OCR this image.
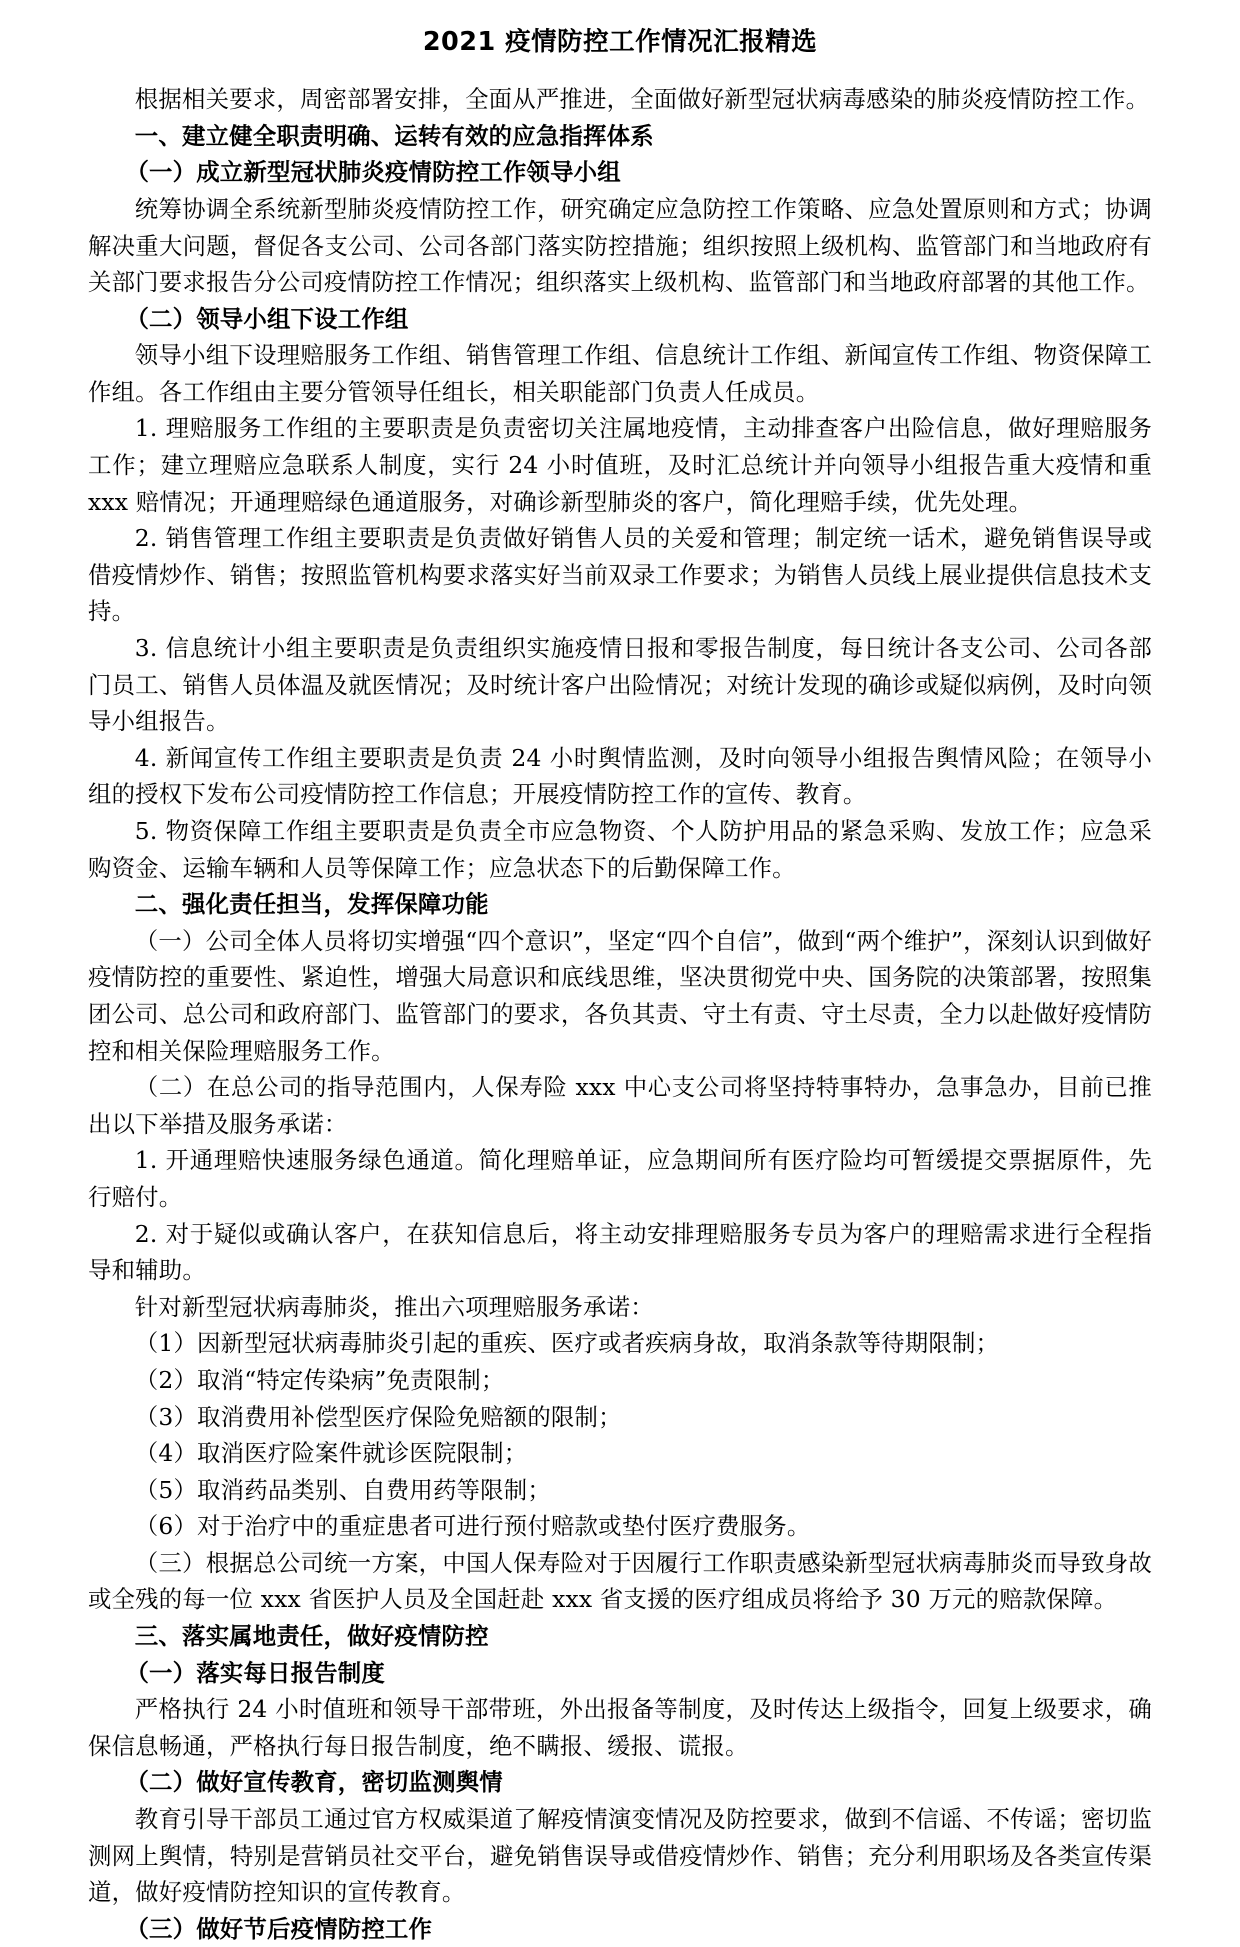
2021 疫情防控工作情况汇报精选

根据相关要求，周密部署安排，全面从严推进，全面做好新型冠状病毒感染的肺炎疫情防控工作。

一、建立健全职责明确、运转有效的应急指挥体系

（一）成立新型冠状肺炎疫情防控工作领导小组

统筹协调全系统新型肺炎疫情防控工作，研究确定应急防控工作策略、应急处置原则和方式；协调解决重大问题，督促各支公司、公司各部门落实防控措施；组织按照上级机构、监管部门和当地政府有关部门要求报告分公司疫情防控工作情况；组织落实上级机构、监管部门和当地政府部署的其他工作。

（二）领导小组下设工作组

领导小组下设理赔服务工作组、销售管理工作组、信息统计工作组、新闻宣传工作组、物资保障工作组。各工作组由主要分管领导任组长，相关职能部门负责人任成员。

1. 理赔服务工作组的主要职责是负责密切关注属地疫情，主动排查客户出险信息，做好理赔服务工作；建立理赔应急联系人制度，实行 24 小时值班，及时汇总统计并向领导小组报告重大疫情和重 xxx 赔情况；开通理赔绿色通道服务，对确诊新型肺炎的客户，简化理赔手续，优先处理。

2. 销售管理工作组主要职责是负责做好销售人员的关爱和管理；制定统一话术，避免销售误导或借疫情炒作、销售；按照监管机构要求落实好当前双录工作要求；为销售人员线上展业提供信息技术支持。

3. 信息统计小组主要职责是负责组织实施疫情日报和零报告制度，每日统计各支公司、公司各部门员工、销售人员体温及就医情况；及时统计客户出险情况；对统计发现的确诊或疑似病例，及时向领导小组报告。

4. 新闻宣传工作组主要职责是负责 24 小时舆情监测，及时向领导小组报告舆情风险；在领导小组的授权下发布公司疫情防控工作信息；开展疫情防控工作的宣传、教育。

5. 物资保障工作组主要职责是负责全市应急物资、个人防护用品的紧急采购、发放工作；应急采购资金、运输车辆和人员等保障工作；应急状态下的后勤保障工作。

二、强化责任担当，发挥保障功能

（一）公司全体人员将切实增强“四个意识”，坚定“四个自信”，做到“两个维护”，深刻认识到做好疫情防控的重要性、紧迫性，增强大局意识和底线思维，坚决贯彻党中央、国务院的决策部署，按照集团公司、总公司和政府部门、监管部门的要求，各负其责、守土有责、守土尽责，全力以赴做好疫情防控和相关保险理赔服务工作。

（二）在总公司的指导范围内，人保寿险 xxx 中心支公司将坚持特事特办，急事急办，目前已推出以下举措及服务承诺：

1. 开通理赔快速服务绿色通道。简化理赔单证，应急期间所有医疗险均可暂缓提交票据原件，先行赔付。

2. 对于疑似或确认客户，在获知信息后，将主动安排理赔服务专员为客户的理赔需求进行全程指导和辅助。

针对新型冠状病毒肺炎，推出六项理赔服务承诺：

（1）因新型冠状病毒肺炎引起的重疾、医疗或者疾病身故，取消条款等待期限制；

（2）取消“特定传染病”免责限制；

（3）取消费用补偿型医疗保险免赔额的限制；

（4）取消医疗险案件就诊医院限制；

（5）取消药品类别、自费用药等限制；

（6）对于治疗中的重症患者可进行预付赔款或垫付医疗费服务。

（三）根据总公司统一方案，中国人保寿险对于因履行工作职责感染新型冠状病毒肺炎而导致身故或全残的每一位 xxx 省医护人员及全国赶赴 xxx 省支援的医疗组成员将给予 30 万元的赔款保障。

三、落实属地责任，做好疫情防控

（一）落实每日报告制度

严格执行 24 小时值班和领导干部带班，外出报备等制度，及时传达上级指令，回复上级要求，确保信息畅通，严格执行每日报告制度，绝不瞒报、缓报、谎报。

（二）做好宣传教育，密切监测舆情

教育引导干部员工通过官方权威渠道了解疫情演变情况及防控要求，做到不信谣、不传谣；密切监测网上舆情，特别是营销员社交平台，避免销售误导或借疫情炒作、销售；充分利用职场及各类宣传渠道，做好疫情防控知识的宣传教育。

（三）做好节后疫情防控工作
